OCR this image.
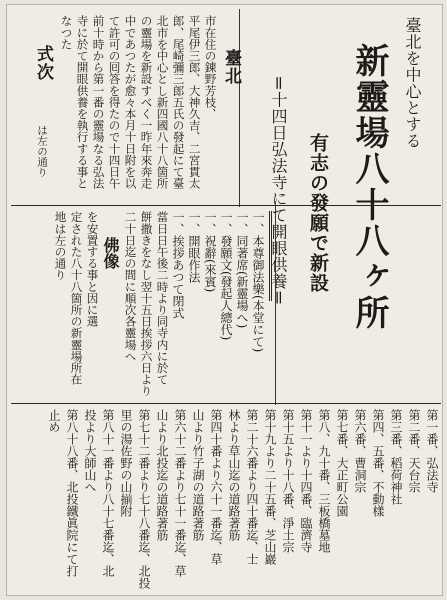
臺北を中心とする
新靈場八十八ヶ所
有志の發願で新設
＝十四日弘法寺にて開眼供養＝
臺北
市在住の鍊野芳枝、
平尾伊三郎、大神久吉、二宮貫太
郎、尾崎彌三郎五氏の發起にて臺
北市を中心とし新四國八十八箇所
の靈場を新設すべく一昨年來奔走
中であつたが愈々本月十日附を以
て許可の囘答を得たので十四日午
前十時から第一番の靈場なる弘法
寺に於て開眼供養を執行する事と
なつた
式次
は左の通り
一、本尊御法樂(本堂にて)
一、同著席(新靈場へ)
一、發願文(發起人總代)
一、祝辭(來賓)
一、開眼作法
一、挨拶あつて閉式
當日日午後二時より同寺内に於て
餅撒きをなし翌十五日挨拶六日より
二十日迄の間に順次各靈場へ
佛像
を安置する事と因に選
定された八十八箇所の新靈場所在
地は左の通り
第一番、弘法寺
第二番、天台宗
第三番、稻荷神社
第四、五番、不動樣
第六番、曹洞宗
第七番、大正町公園
第八、九十番、三板橋墓地
第十一より十四番、臨濟寺
第十五より十八番、淨土宗
第十九より二十五番、芝山巖
第二十六番より四十番迄、士
林より草山迄の道路著筋
第四十番より六十一番迄、草
山より竹子湖の道路著筋
第六十二番より七十一番迄、草
山より北投迄の道路著筋
第七十二番より七十八番迄、北投
里の湯佐野の山揃附
第八十一番より八十七番迄、北
投より大師山へ
第八十八番、北投鐵眞院にて打
止め
